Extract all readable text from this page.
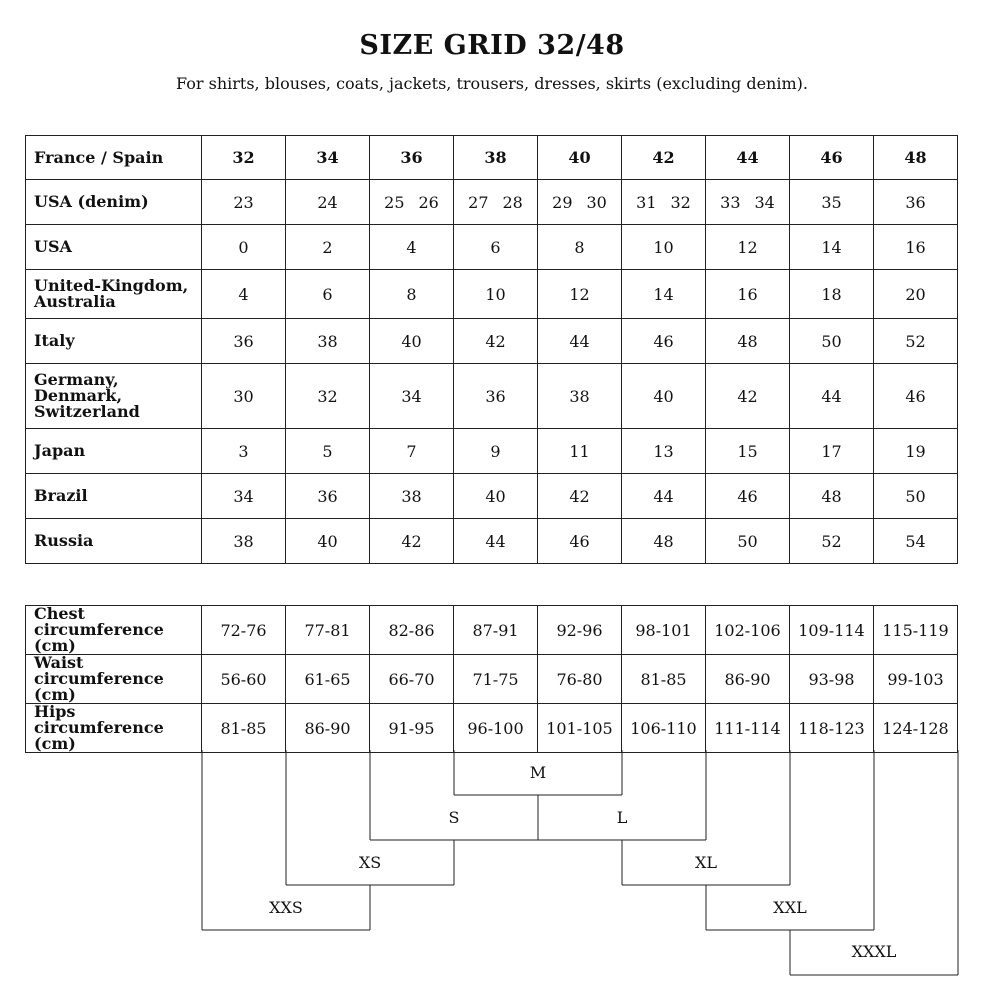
SIZE GRID 32/48
For shirts, blouses, coats, jackets, trousers, dresses, skirts (excluding denim).
France / Spain	32	34	36	38	40	42	44	46	48
USA (denim)	23	24	25 26	27 28	29 30	31 32	33 34	35	36
USA	0	2	4	6	8	10	12	14	16
United-Kingdom, Australia	4	6	8	10	12	14	16	18	20
Italy	36	38	40	42	44	46	48	50	52
Germany, Denmark, Switzerland	30	32	34	36	38	40	42	44	46
Japan	3	5	7	9	11	13	15	17	19
Brazil	34	36	38	40	42	44	46	48	50
Russia	38	40	42	44	46	48	50	52	54
Chest
circumference (cm)	72-76	77-81	82-86	87-91	92-96	98-101	102-106	109-114	115-119

Waist
circumference (cm)	56-60	61-65	66-70	71-75	76-80	81-85	86-90	93-98	99-103

Hips
circumference (cm)	81-85	86-90	91-95	96-100	101-105	106-110	111-114	118-123	124-128
M
S	L
XS	XL
XXS	XXL
XXXL
